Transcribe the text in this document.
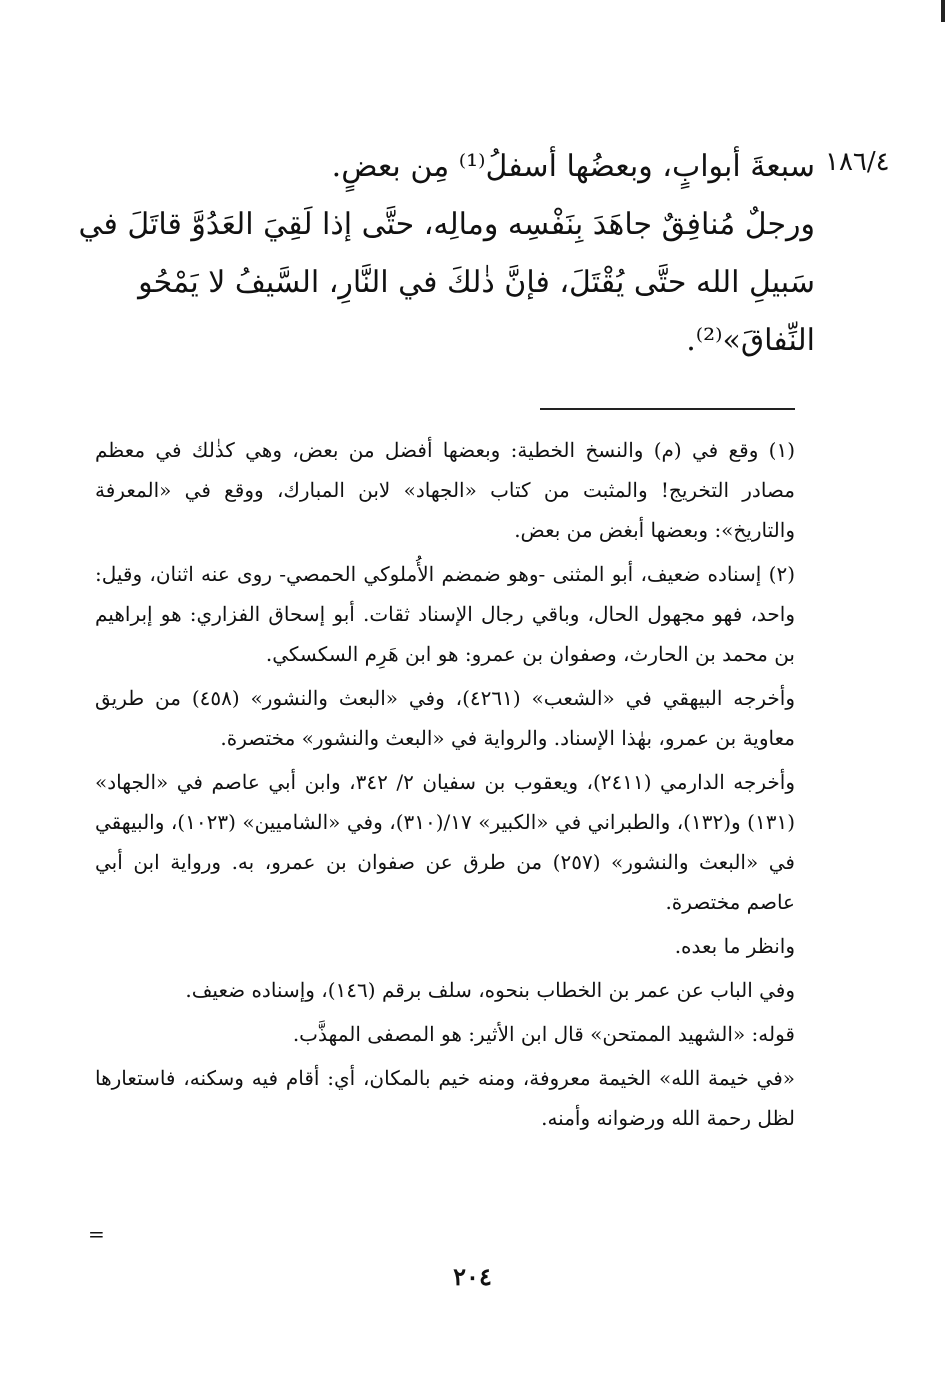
١٨٦/٤
سبعةَ أبوابٍ، وبعضُها أسفلُ⁽¹⁾ مِن بعضٍ.
ورجلٌ مُنافِقٌ جاهَدَ بِنَفْسِه ومالِه، حتَّى إذا لَقِيَ العَدُوَّ قاتَلَ في
سَبيلِ الله حتَّى يُقْتَلَ، فإنَّ ذٰلكَ في النَّارِ، السَّيفُ لا يَمْحُو
النِّفاقَ»⁽²⁾.

(١) وقع في (م) والنسخ الخطية: وبعضها أفضل من بعض، وهي كذٰلك في معظم مصادر التخريج! والمثبت من كتاب «الجهاد» لابن المبارك، ووقع في «المعرفة والتاريخ»: وبعضها أبغض من بعض.

(٢) إسناده ضعيف، أبو المثنى -وهو ضمضم الأُملوكي الحمصي- روى عنه اثنان، وقيل: واحد، فهو مجهول الحال، وباقي رجال الإسناد ثقات. أبو إسحاق الفزاري: هو إبراهيم بن محمد بن الحارث، وصفوان بن عمرو: هو ابن هَرِم السكسكي.

وأخرجه البيهقي في «الشعب» (٤٢٦١)، وفي «البعث والنشور» (٤٥٨) من طريق معاوية بن عمرو، بهٰذا الإسناد. والرواية في «البعث والنشور» مختصرة.

وأخرجه الدارمي (٢٤١١)، ويعقوب بن سفيان ٢/ ٣٤٢، وابن أبي عاصم في «الجهاد» (١٣١) و(١٣٢)، والطبراني في «الكبير» ١٧/(٣١٠)، وفي «الشاميين» (١٠٢٣)، والبيهقي في «البعث والنشور» (٢٥٧) من طرق عن صفوان بن عمرو، به. ورواية ابن أبي عاصم مختصرة.

وانظر ما بعده.

وفي الباب عن عمر بن الخطاب بنحوه، سلف برقم (١٤٦)، وإسناده ضعيف.

قوله: «الشهيد الممتحن» قال ابن الأثير: هو المصفى المهذَّب.

«في خيمة الله» الخيمة معروفة، ومنه خيم بالمكان، أي: أقام فيه وسكنه، فاستعارها لظل رحمة الله ورضوانه وأمنه.

=
٢٠٤
